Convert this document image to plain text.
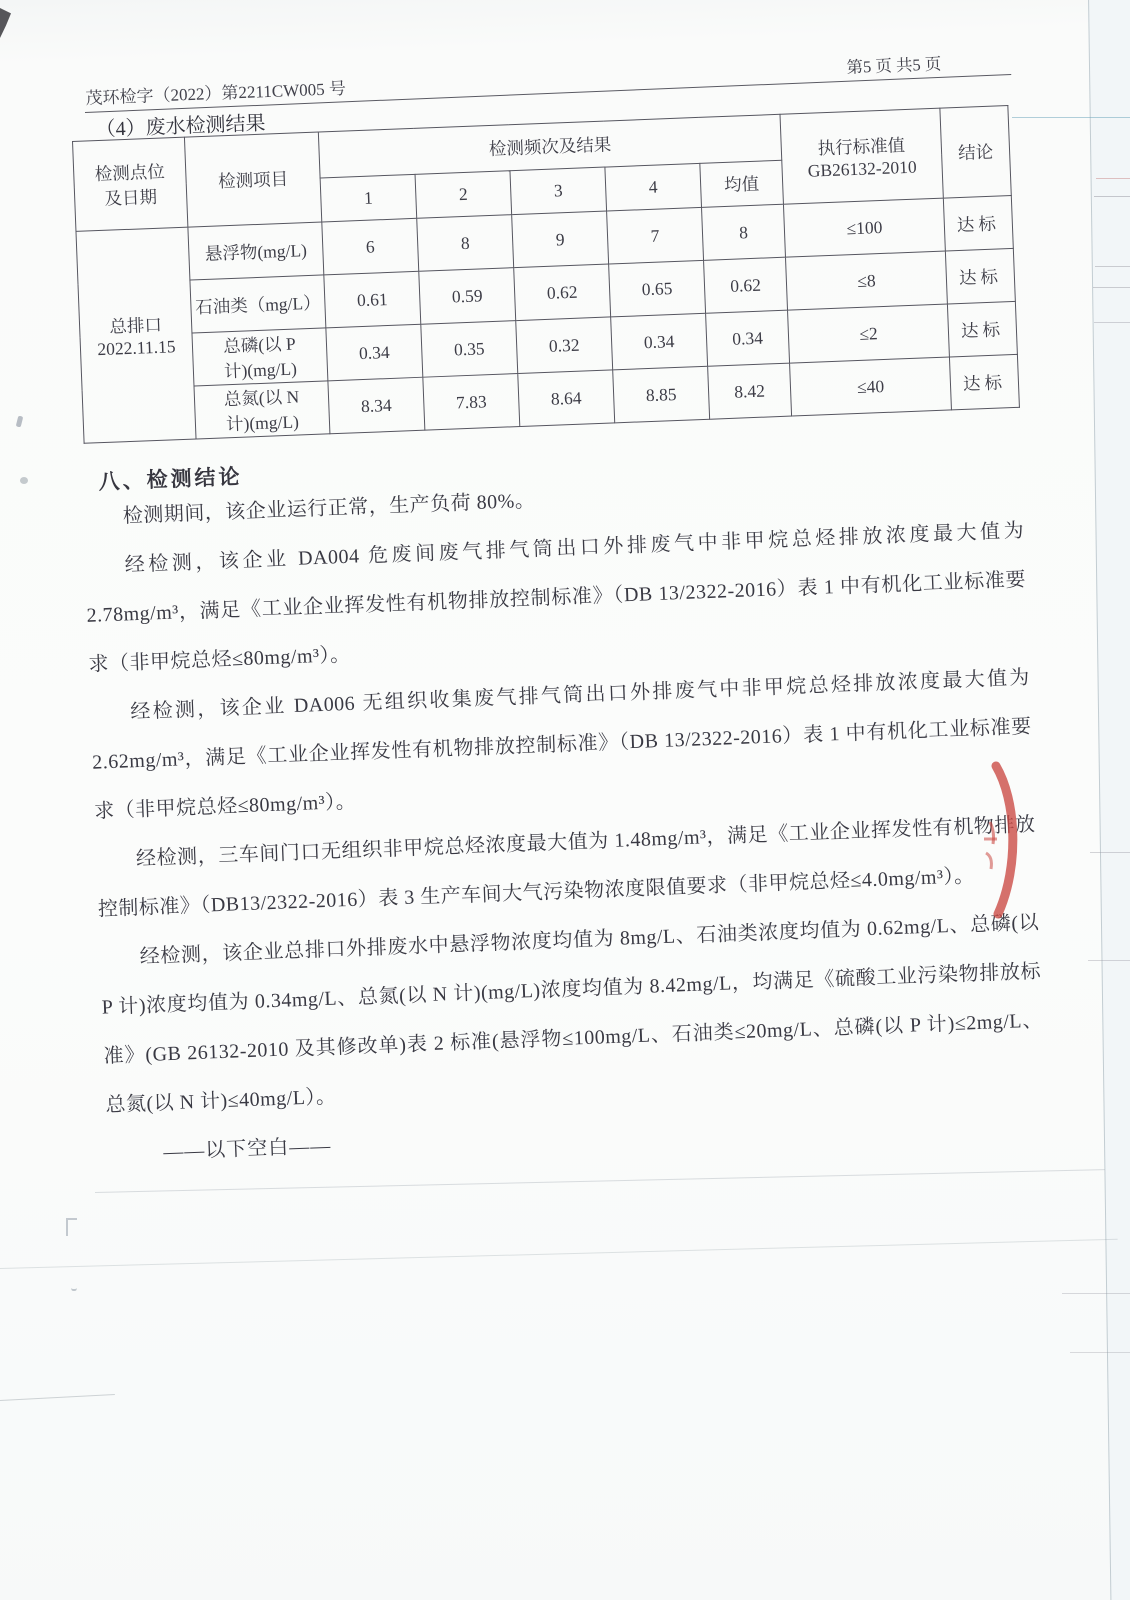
茂环检字（2022）第2211CW005 号
第5 页 共5 页
（4）废水检测结果
检测点位
及日期	检测项目	检测频次及结果					执行标准值
GB26132-2010	结论
		1	2	3	4	均值		
总排口
2022.11.15	悬浮物(mg/L)	6	8	9	7	8	≤100	达标
	石油类（mg/L）	0.61	0.59	0.62	0.65	0.62	≤8	达标
	总磷(以 P
计)(mg/L)	0.34	0.35	0.32	0.34	0.34	≤2	达标
	总氮(以 N
计)(mg/L)	8.34	7.83	8.64	8.85	8.42	≤40	达标
八、检测结论

检测期间，该企业运行正常，生产负荷 80%。

经检测，该企业 DA004 危废间废气排气筒出口外排废气中非甲烷总烃排放浓度最大值为 2.78mg/m³，满足《工业企业挥发性有机物排放控制标准》（DB 13/2322-2016）表 1 中有机化工业标准要求（非甲烷总烃≤80mg/m³）。

经检测，该企业 DA006 无组织收集废气排气筒出口外排废气中非甲烷总烃排放浓度最大值为 2.62mg/m³，满足《工业企业挥发性有机物排放控制标准》（DB 13/2322-2016）表 1 中有机化工业标准要求（非甲烷总烃≤80mg/m³）。

经检测，三车间门口无组织非甲烷总烃浓度最大值为 1.48mg/m³，满足《工业企业挥发性有机物排放控制标准》（DB13/2322-2016）表 3 生产车间大气污染物浓度限值要求（非甲烷总烃≤4.0mg/m³）。

经检测，该企业总排口外排废水中悬浮物浓度均值为 8mg/L、石油类浓度均值为 0.62mg/L、总磷(以 P 计)浓度均值为 0.34mg/L、总氮(以 N 计)(mg/L)浓度均值为 8.42mg/L，均满足《硫酸工业污染物排放标准》(GB 26132-2010 及其修改单)表 2 标准(悬浮物≤100mg/L、石油类≤20mg/L、总磷(以 P 计)≤2mg/L、总氮(以 N 计)≤40mg/L）。

——以下空白——
